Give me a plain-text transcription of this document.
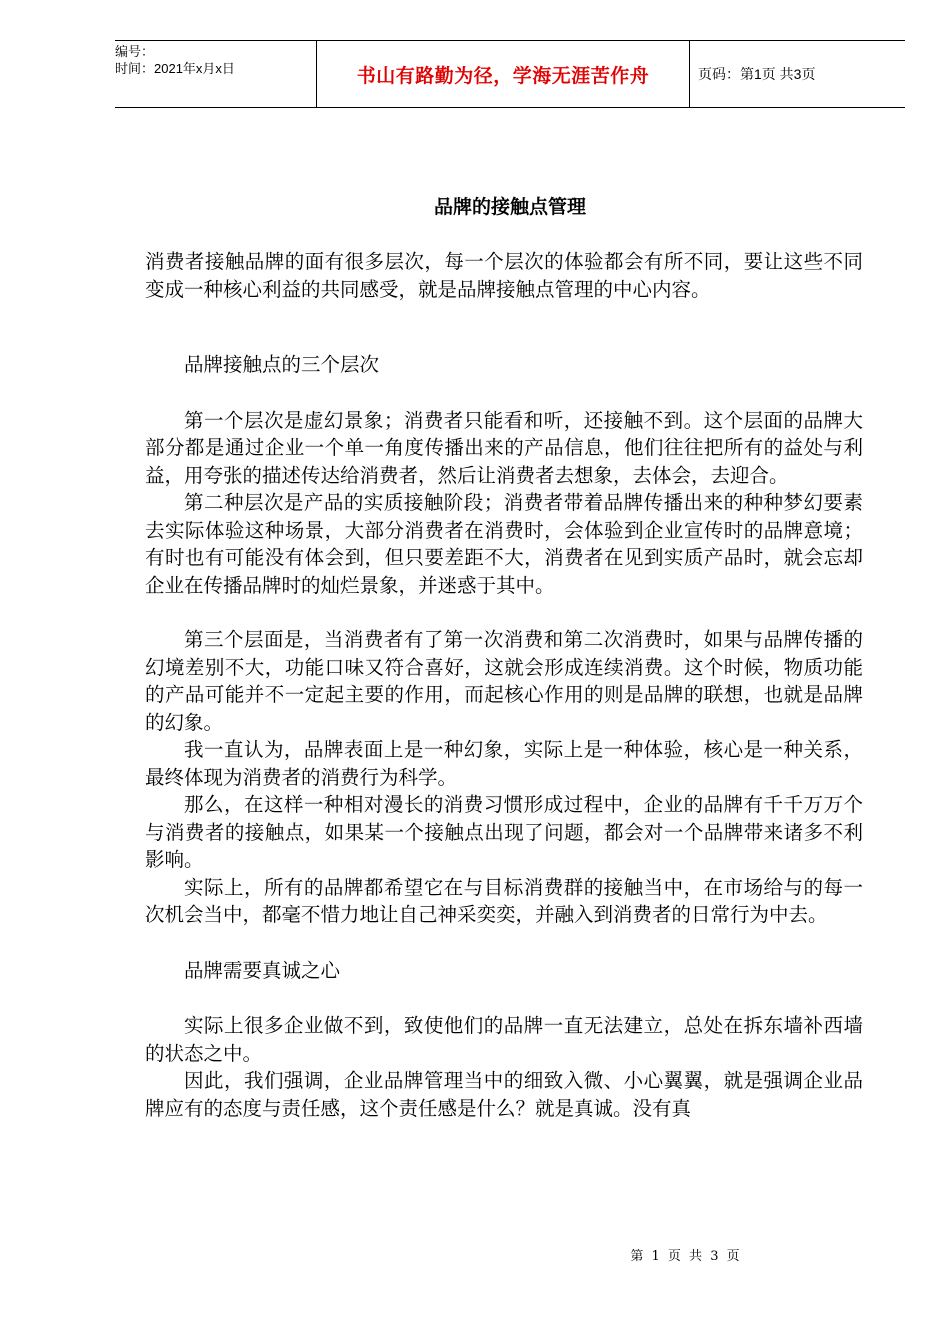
编号：
时间：2021年x月x日	书山有路勤为径，学海无涯苦作舟	页码：第1页 共3页
品牌的接触点管理

消费者接触品牌的面有很多层次，每一个层次的体验都会有所不同，要让这些不同变成一种核心利益的共同感受，就是品牌接触点管理的中心内容。

品牌接触点的三个层次

第一个层次是虚幻景象；消费者只能看和听，还接触不到。这个层面的品牌大部分都是通过企业一个单一角度传播出来的产品信息，他们往往把所有的益处与利益，用夸张的描述传达给消费者，然后让消费者去想象，去体会，去迎合。

第二种层次是产品的实质接触阶段；消费者带着品牌传播出来的种种梦幻要素去实际体验这种场景，大部分消费者在消费时，会体验到企业宣传时的品牌意境；有时也有可能没有体会到，但只要差距不大，消费者在见到实质产品时，就会忘却企业在传播品牌时的灿烂景象，并迷惑于其中。

第三个层面是，当消费者有了第一次消费和第二次消费时，如果与品牌传播的幻境差别不大，功能口味又符合喜好，这就会形成连续消费。这个时候，物质功能的产品可能并不一定起主要的作用，而起核心作用的则是品牌的联想，也就是品牌的幻象。

我一直认为，品牌表面上是一种幻象，实际上是一种体验，核心是一种关系，最终体现为消费者的消费行为科学。

那么，在这样一种相对漫长的消费习惯形成过程中，企业的品牌有千千万万个与消费者的接触点，如果某一个接触点出现了问题，都会对一个品牌带来诸多不利影响。

实际上，所有的品牌都希望它在与目标消费群的接触当中，在市场给与的每一次机会当中，都毫不惜力地让自己神采奕奕，并融入到消费者的日常行为中去。

品牌需要真诚之心

实际上很多企业做不到，致使他们的品牌一直无法建立，总处在拆东墙补西墙的状态之中。

因此，我们强调，企业品牌管理当中的细致入微、小心翼翼，就是强调企业品牌应有的态度与责任感，这个责任感是什么？就是真诚。没有真

第 1 页 共 3 页
